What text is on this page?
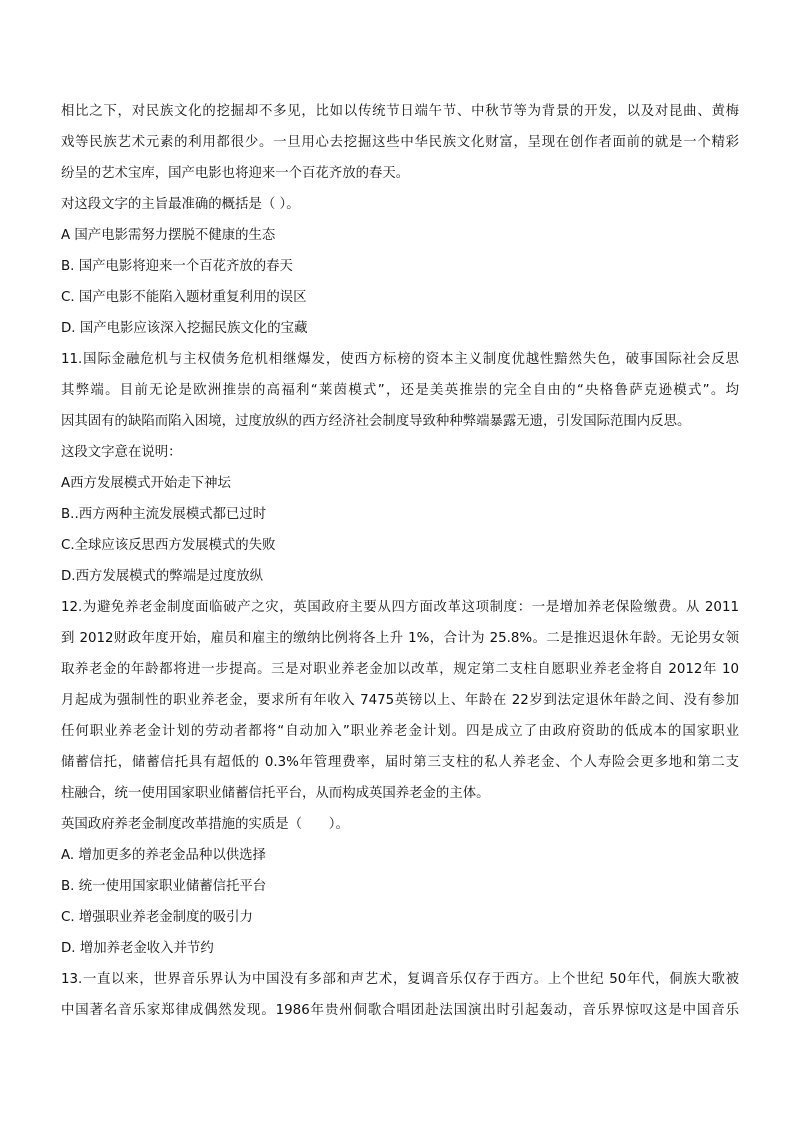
相比之下，对民族文化的挖掘却不多见，比如以传统节日端午节、中秋节等为背景的开发，以及对昆曲、黄梅
戏等民族艺术元素的利用都很少。一旦用心去挖掘这些中华民族文化财富，呈现在创作者面前的就是一个精彩
纷呈的艺术宝库，国产电影也将迎来一个百花齐放的春天。
对这段文字的主旨最准确的概括是（ ）。
A 国产电影需努力摆脱不健康的生态
B. 国产电影将迎来一个百花齐放的春天
C. 国产电影不能陷入题材重复利用的误区
D. 国产电影应该深入挖掘民族文化的宝藏
11.国际金融危机与主权债务危机相继爆发，使西方标榜的资本主义制度优越性黯然失色，破事国际社会反思
其弊端。目前无论是欧洲推崇的高福利“莱茵模式”，还是美英推崇的完全自由的“央格鲁萨克逊模式”。均
因其固有的缺陷而陷入困境，过度放纵的西方经济社会制度导致种种弊端暴露无遗，引发国际范围内反思。
这段文字意在说明：
A西方发展模式开始走下神坛
B..西方两种主流发展模式都已过时
C.全球应该反思西方发展模式的失败
D.西方发展模式的弊端是过度放纵
12.为避免养老金制度面临破产之灾，英国政府主要从四方面改革这项制度：一是增加养老保险缴费。从 2011
到 2012财政年度开始，雇员和雇主的缴纳比例将各上升 1%，合计为 25.8%。二是推迟退休年龄。无论男女领
取养老金的年龄都将进一步提高。三是对职业养老金加以改革，规定第二支柱自愿职业养老金将自 2012年 10
月起成为强制性的职业养老金，要求所有年收入 7475英镑以上、年龄在 22岁到法定退休年龄之间、没有参加
任何职业养老金计划的劳动者都将“自动加入”职业养老金计划。四是成立了由政府资助的低成本的国家职业
储蓄信托，储蓄信托具有超低的 0.3%年管理费率，届时第三支柱的私人养老金、个人寿险会更多地和第二支
柱融合，统一使用国家职业储蓄信托平台，从而构成英国养老金的主体。
英国政府养老金制度改革措施的实质是（　　）。
A. 增加更多的养老金品种以供选择
B. 统一使用国家职业储蓄信托平台
C. 增强职业养老金制度的吸引力
D. 增加养老金收入并节约
13.一直以来，世界音乐界认为中国没有多部和声艺术，复调音乐仅存于西方。上个世纪 50年代，侗族大歌被
中国著名音乐家郑律成偶然发现。1986年贵州侗歌合唱团赴法国演出时引起轰动，音乐界惊叹这是中国音乐
